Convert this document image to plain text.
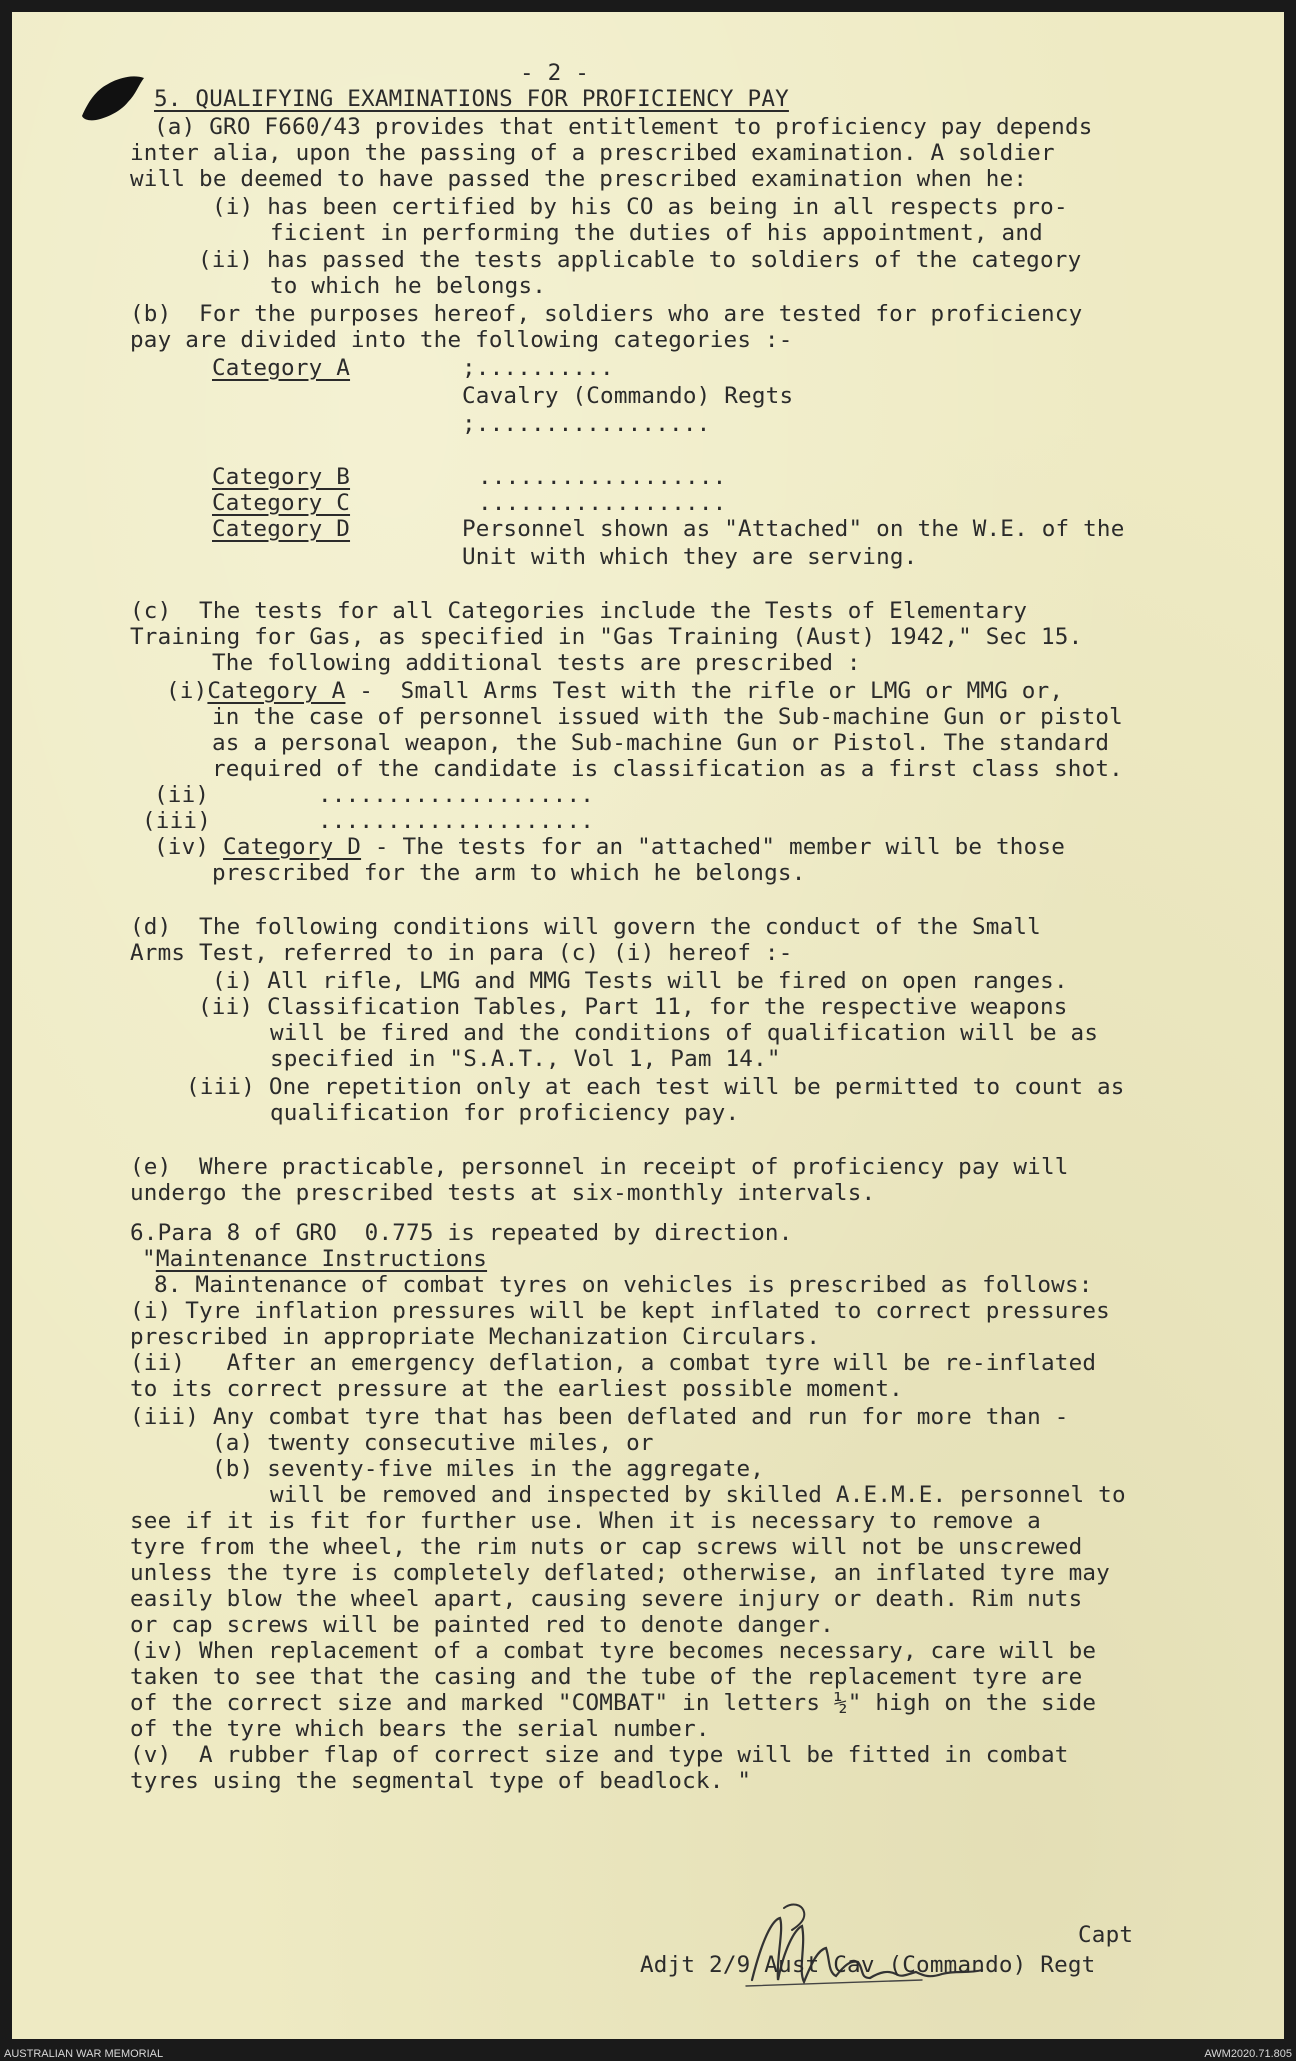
- 2 -
5. QUALIFYING EXAMINATIONS FOR PROFICIENCY PAY
(a) GRO F660/43 provides that entitlement to proficiency pay depends
inter alia, upon the passing of a prescribed examination. A soldier
will be deemed to have passed the prescribed examination when he:
(i) has been certified by his CO as being in all respects pro-
ficient in performing the duties of his appointment, and
(ii) has passed the tests applicable to soldiers of the category
to which he belongs.
(b)  For the purposes hereof, soldiers who are tested for proficiency
pay are divided into the following categories :-
Category A	;..........
Cavalry (Commando) Regts
;.................
Category B	..................
Category C	..................
Category D	Personnel shown as "Attached" on the W.E. of the
Unit with which they are serving.
(c)  The tests for all Categories include the Tests of Elementary
Training for Gas, as specified in "Gas Training (Aust) 1942," Sec 15.
The following additional tests are prescribed :
(i)Category A -  Small Arms Test with the rifle or LMG or MMG or,
in the case of personnel issued with the Sub-machine Gun or pistol
as a personal weapon, the Sub-machine Gun or Pistol. The standard
required of the candidate is classification as a first class shot.
(ii)	....................
(iii)	....................
(iv) Category D - The tests for an "attached" member will be those
prescribed for the arm to which he belongs.
(d)  The following conditions will govern the conduct of the Small
Arms Test, referred to in para (c) (i) hereof :-
(i) All rifle, LMG and MMG Tests will be fired on open ranges.
(ii) Classification Tables, Part 11, for the respective weapons
will be fired and the conditions of qualification will be as
specified in "S.A.T., Vol 1, Pam 14."
(iii) One repetition only at each test will be permitted to count as
qualification for proficiency pay.
(e)  Where practicable, personnel in receipt of proficiency pay will
undergo the prescribed tests at six-monthly intervals.
6.Para 8 of GRO  0.775 is repeated by direction.
"Maintenance Instructions
8. Maintenance of combat tyres on vehicles is prescribed as follows:
(i) Tyre inflation pressures will be kept inflated to correct pressures
prescribed in appropriate Mechanization Circulars.
(ii)   After an emergency deflation, a combat tyre will be re-inflated
to its correct pressure at the earliest possible moment.
(iii) Any combat tyre that has been deflated and run for more than -
(a) twenty consecutive miles, or
(b) seventy-five miles in the aggregate,
will be removed and inspected by skilled A.E.M.E. personnel to
see if it is fit for further use. When it is necessary to remove a
tyre from the wheel, the rim nuts or cap screws will not be unscrewed
unless the tyre is completely deflated; otherwise, an inflated tyre may
easily blow the wheel apart, causing severe injury or death. Rim nuts
or cap screws will be painted red to denote danger.
(iv) When replacement of a combat tyre becomes necessary, care will be
taken to see that the casing and the tube of the replacement tyre are
of the correct size and marked "COMBAT" in letters ½" high on the side
of the tyre which bears the serial number.
(v)  A rubber flap of correct size and type will be fitted in combat
tyres using the segmental type of beadlock. "
Capt
Adjt 2/9 Aust Cav (Commando) Regt
AUSTRALIAN WAR MEMORIAL	AWM2020.71.805
